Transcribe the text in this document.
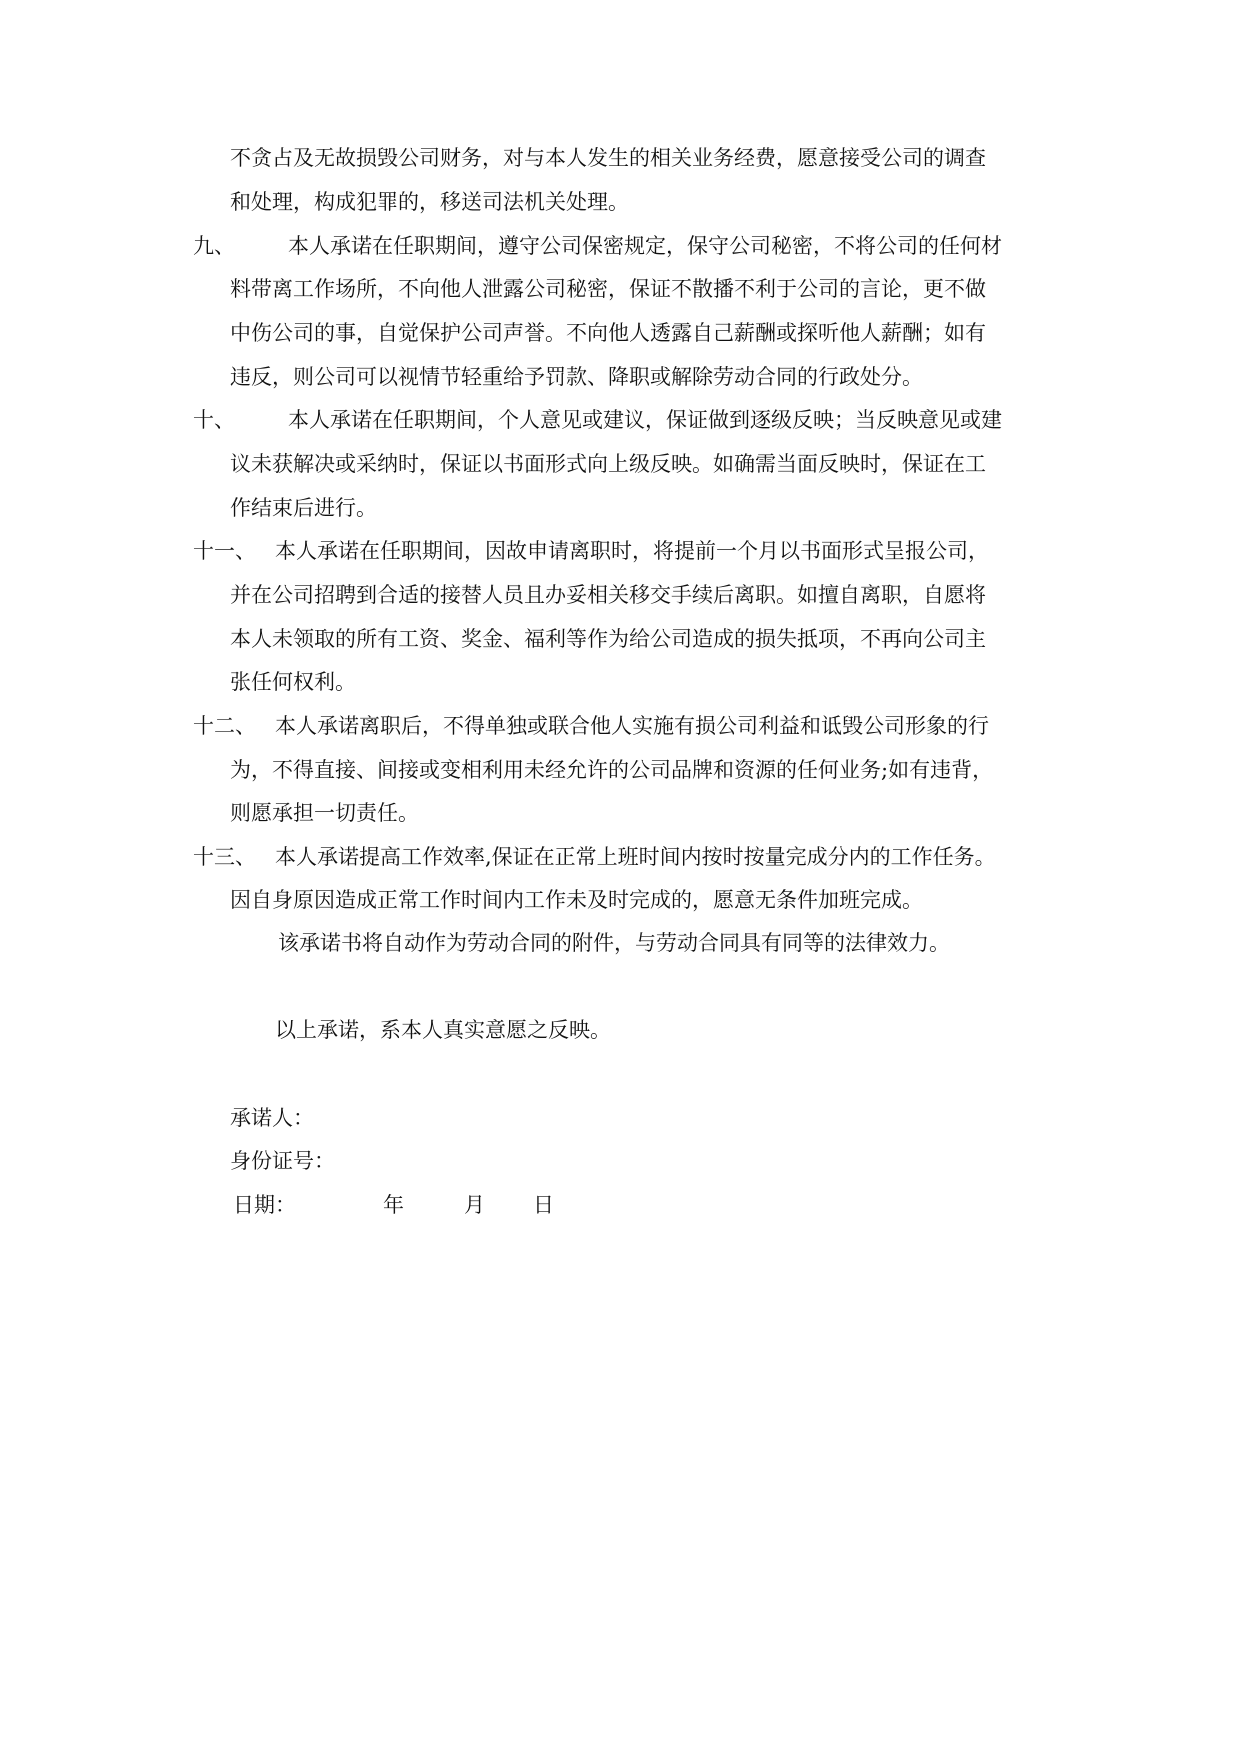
不贪占及无故损毁公司财务，对与本人发生的相关业务经费，愿意接受公司的调查
和处理，构成犯罪的，移送司法机关处理。
九、	本人承诺在任职期间，遵守公司保密规定，保守公司秘密，不将公司的任何材
料带离工作场所，不向他人泄露公司秘密，保证不散播不利于公司的言论，更不做
中伤公司的事，自觉保护公司声誉。不向他人透露自己薪酬或探听他人薪酬；如有
违反，则公司可以视情节轻重给予罚款、降职或解除劳动合同的行政处分。
十、	本人承诺在任职期间，个人意见或建议，保证做到逐级反映；当反映意见或建
议未获解决或采纳时，保证以书面形式向上级反映。如确需当面反映时，保证在工
作结束后进行。
十一、 本人承诺在任职期间，因故申请离职时，将提前一个月以书面形式呈报公司，
并在公司招聘到合适的接替人员且办妥相关移交手续后离职。如擅自离职，自愿将
本人未领取的所有工资、奖金、福利等作为给公司造成的损失抵项，不再向公司主
张任何权利。
十二、 本人承诺离职后，不得单独或联合他人实施有损公司利益和诋毁公司形象的行
为，不得直接、间接或变相利用未经允许的公司品牌和资源的任何业务;如有违背，
则愿承担一切责任。
十三、 本人承诺提高工作效率,保证在正常上班时间内按时按量完成分内的工作任务。
因自身原因造成正常工作时间内工作未及时完成的，愿意无条件加班完成。
该承诺书将自动作为劳动合同的附件，与劳动合同具有同等的法律效力。
以上承诺，系本人真实意愿之反映。
承诺人：
身份证号：
日期：	年	月 日
